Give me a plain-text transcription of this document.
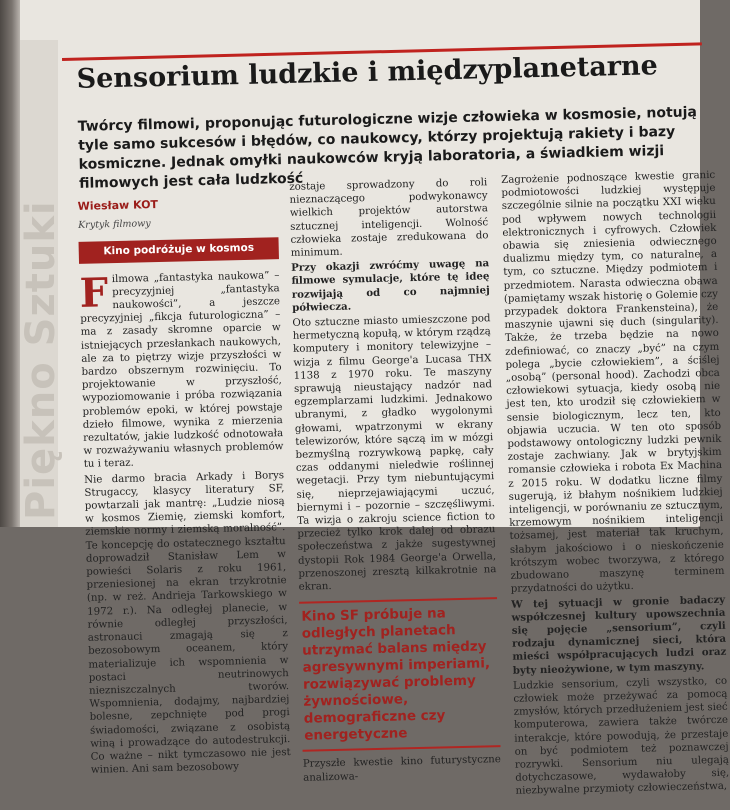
Piękno Sztuki
Sensorium ludzkie i międzyplanetarne

Twórcy filmowi, proponując futurologiczne wizje człowieka w kosmosie, notują tyle samo sukcesów i błędów, co naukowcy, którzy projektują rakiety i bazy kosmiczne. Jednak omyłki naukowców kryją laboratoria, a świadkiem wizji filmowych jest cała ludzkość

Wiesław KOT
Krytyk filmowy
Kino podróżuje w kosmos

Filmowa „fantastyka naukowa” – precyzyjniej „fantastyka naukowości”, a jeszcze precyzyjniej „fikcja futurologiczna” – ma z zasady skromne oparcie w istniejących przesłankach naukowych, ale za to piętrzy wizje przyszłości w bardzo obszernym rozwinięciu. To projektowanie w przyszłość, wypoziomowanie i próba rozwiązania problemów epoki, w której powstaje dzieło filmowe, wynika z mierzenia rezultatów, jakie ludzkość odnotowała w rozważywaniu własnych problemów tu i teraz.

Nie darmo bracia Arkady i Borys Strugaccy, klasycy literatury SF, powtarzali jak mantrę: „Ludzie niosą w kosmos Ziemię, ziemski komfort, ziemskie normy i ziemską moralność”. Te koncepcję do ostatecznego kształtu doprowadził Stanisław Lem w powieści Solaris z roku 1961, przeniesionej na ekran trzykrotnie (np. w reż. Andrieja Tarkowskiego w 1972 r.). Na odległej planecie, w równie odległej przyszłości, astronauci zmagają się z bezosobowym oceanem, który materializuje ich wspomnienia w postaci neutrinowych niezniszczalnych tworów. Wspomnienia, dodajmy, najbardziej bolesne, zepchnięte pod progi świadomości, związane z osobistą winą i prowadzące do autodestrukcji. Co ważne – nikt tymczasowo nie jest winien. Ani sam bezosobowy

zostaje sprowadzony do roli nieznaczącego podwykonawcy wielkich projektów autorstwa sztucznej inteligencji. Wolność człowieka zostaje zredukowana do minimum.

Przy okazji zwróćmy uwagę na filmowe symulacje, które tę ideę rozwijają od co najmniej półwiecza.

Oto sztuczne miasto umieszczone pod hermetyczną kopułą, w którym rządzą komputery i monitory telewizyjne – wizja z filmu George'a Lucasa THX 1138 z 1970 roku. Te maszyny sprawują nieustający nadzór nad egzemplarzami ludzkimi. Jednakowo ubranymi, z gładko wygolonymi głowami, wpatrzonymi w ekrany telewizorów, które sączą im w mózgi bezmyślną rozrywkową papkę, cały czas oddanymi nieledwie roślinnej wegetacji. Przy tym niebuntującymi się, nieprzejawiającymi uczuć, biernymi i – pozornie – szczęśliwymi. Ta wizja o zakroju science fiction to przecież tylko krok dalej od obrazu społeczeństwa z jakże sugestywnej dystopii Rok 1984 George'a Orwella, przenoszonej zresztą kilkakrotnie na ekran.

Kino SF próbuje na odległych planetach utrzymać balans między agresywnymi imperiami, rozwiązywać problemy żywnościowe, demograficzne czy energetyczne

Przyszłe kwestie kino futurystyczne analizowa-

Zagrożenie podnoszące kwestie granic podmiotowości ludzkiej występuje szczególnie silnie na początku XXI wieku pod wpływem nowych technologii elektronicznych i cyfrowych. Człowiek obawia się zniesienia odwiecznego dualizmu między tym, co naturalne, a tym, co sztuczne. Między podmiotem i przedmiotem. Narasta odwieczna obawa (pamiętamy wszak historię o Golemie czy przypadek doktora Frankensteina), że maszynie ujawni się duch (singularity). Także, że trzeba będzie na nowo zdefiniować, co znaczy „być” na czym polega „bycie człowiekiem”, a ściślej „osobą” (personal hood). Zachodzi obca człowiekowi sytuacja, kiedy osobą nie jest ten, kto urodził się człowiekiem w sensie biologicznym, lecz ten, kto objawia uczucia. W ten oto sposób podstawowy ontologiczny ludzki pewnik zostaje zachwiany. Jak w brytyjskim romansie człowieka i robota Ex Machina z 2015 roku. W dodatku liczne filmy sugerują, iż błahym nośnikiem ludzkiej inteligencji, w porównaniu ze sztucznym, krzemowym nośnikiem inteligencji tożsamej, jest materiał tak kruchym, słabym jakościowo i o nieskończenie krótszym wobec tworzywa, z którego zbudowano maszynę terminem przydatności do użytku.

W tej sytuacji w gronie badaczy współczesnej kultury upowszechnia się pojęcie „sensorium”, czyli rodzaju dynamicznej sieci, która mieści współpracujących ludzi oraz byty nieożywione, w tym maszyny.

Ludzkie sensorium, czyli wszystko, co człowiek może przeżywać za pomocą zmysłów, których przedłużeniem jest sieć komputerowa, zawiera także twórcze interakcje, które powodują, że przestaje on być podmiotem też poznawczej rozrywki. Sensorium niu ulegają dotychczasowe, wydawałoby się, niezbywalne przymioty człowieczeństwa,
